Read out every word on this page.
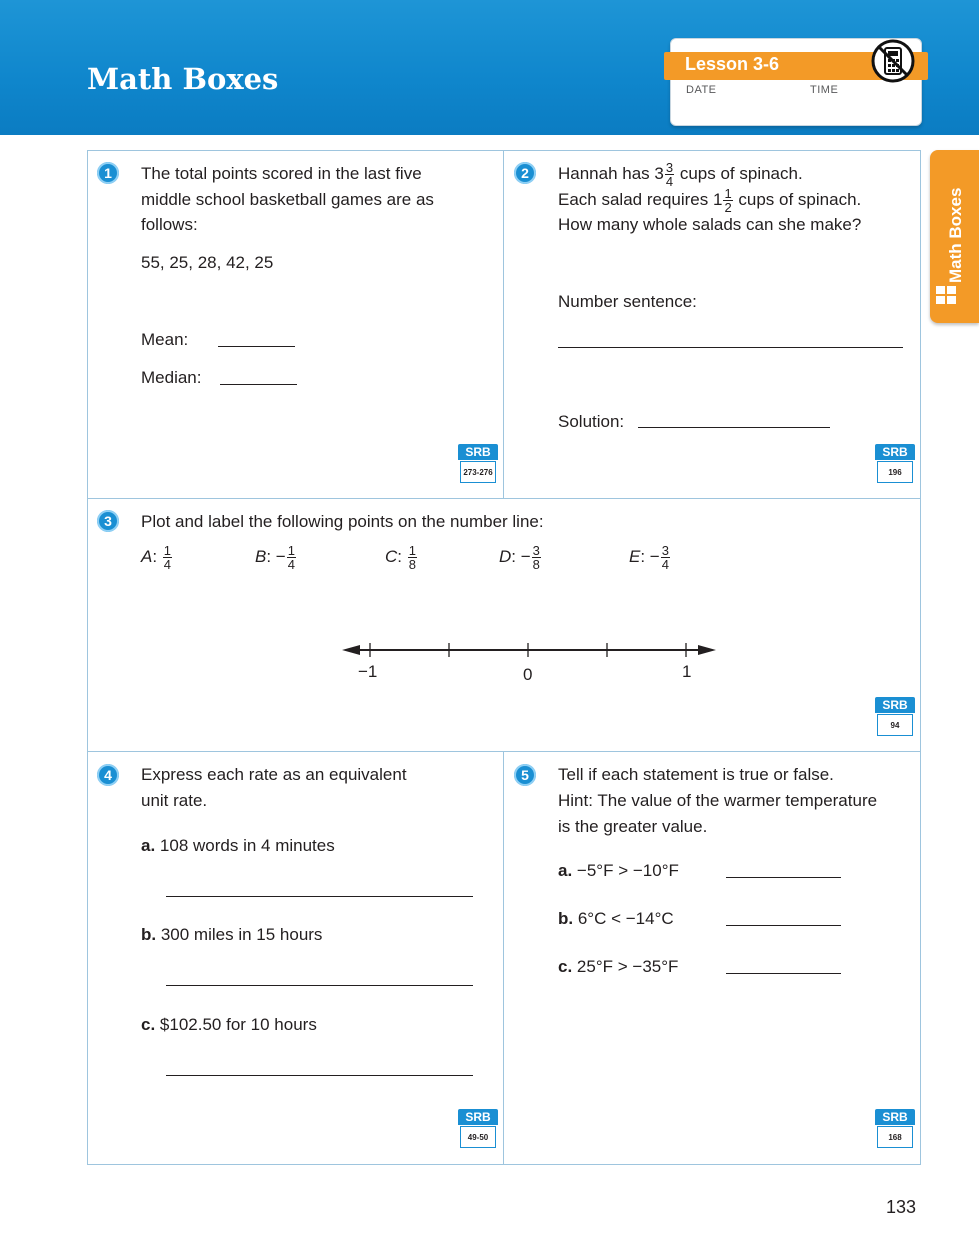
Math Boxes	Lesson 3-6
DATE	TIME
Math Boxes
1	The total points scored in the last five
middle school basketball games are as
follows:
55, 25, 28, 42, 25
Mean:
Median:
SRB
273-276
2	Hannah has $3 \frac{3}{4}$ cups of spinach.
Each salad requires $1 \frac{1}{2}$ cups of spinach.
How many whole salads can she make?
Number sentence:
Solution:
SRB
196
3	Plot and label the following points on the number line:
A: $\frac{1}{4}$	B: − $\frac{1}{4}$	C: $\frac{1}{8}$	D: − $\frac{3}{8}$	E: − $\frac{3}{4}$
−1	0	1
SRB
94
4	Express each rate as an equivalent
unit rate.
a. 108 words in 4 minutes
b. 300 miles in 15 hours
c. $102.50 for 10 hours
SRB
49-50
5	Tell if each statement is true or false.
Hint: The value of the warmer temperature
is the greater value.
a. −5°F > −10°F
b. 6°C < −14°C
c. 25°F > −35°F
SRB
168
133
